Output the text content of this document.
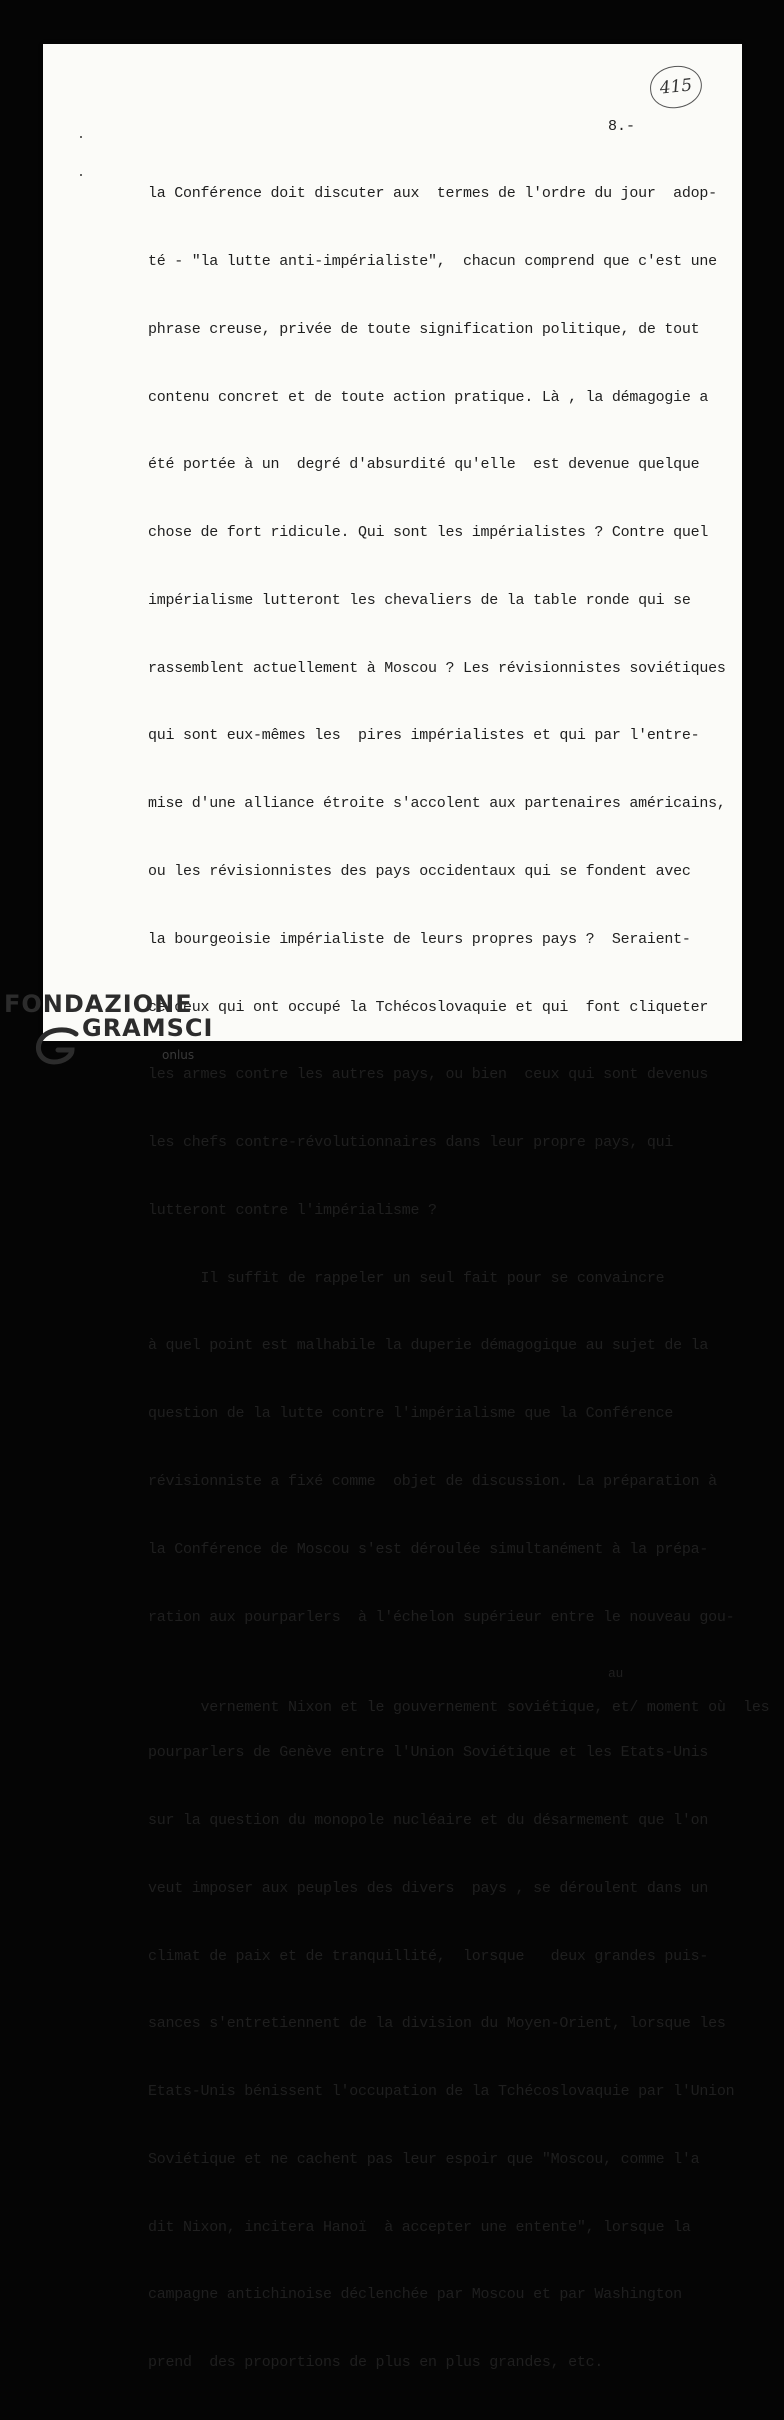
415
8.-

la Conférence doit discuter aux  termes de l'ordre du jour  adop-

té - "la lutte anti-impérialiste",  chacun comprend que c'est une

phrase creuse, privée de toute signification politique, de tout

contenu concret et de toute action pratique. Là , la démagogie a

été portée à un  degré d'absurdité qu'elle  est devenue quelque

chose de fort ridicule. Qui sont les impérialistes ? Contre quel

impérialisme lutteront les chevaliers de la table ronde qui se

rassemblent actuellement à Moscou ? Les révisionnistes soviétiques

qui sont eux-mêmes les  pires impérialistes et qui par l'entre-

mise d'une alliance étroite s'accolent aux partenaires américains,

ou les révisionnistes des pays occidentaux qui se fondent avec

la bourgeoisie impérialiste de leurs propres pays ?  Seraient-

ce ceux qui ont occupé la Tchécoslovaquie et qui  font cliqueter

les armes contre les autres pays, ou bien  ceux qui sont devenus

les chefs contre-révolutionnaires dans leur propre pays, qui

lutteront contre l'impérialisme ?

Il suffit de rappeler un seul fait pour se convaincre

à quel point est malhabile la duperie démagogique au sujet de la

question de la lutte contre l'impérialisme que la Conférence

révisionniste a fixé comme  objet de discussion. La préparation à

la Conférence de Moscou s'est déroulée simultanément à la prépa-

ration aux pourparlers  à l'échelon supérieur entre le nouveau gou-

vernement Nixon et le gouvernement soviétique, et/ moment où  les

au

pourparlers de Genève entre l'Union Soviétique et les Etats-Unis

sur la question du monopole nucléaire et du désarmement que l'on

veut imposer aux peuples des divers  pays , se déroulent dans un

climat de paix et de tranquillité,  lorsque   deux grandes puis-

sances s'entretiennent de la division du Moyen-Orient, lorsque les

Etats-Unis bénissent l'occupation de la Tchécoslovaquie par l'Union

Soviétique et ne cachent pas leur espoir que "Moscou, comme l'a

dit Nixon, incitera Hanoï  à accepter une entente", lorsque la

campagne antichinoise déclenchée par Moscou et par Washington

prend  des proportions de plus en plus grandes, etc.

FONDAZIONE
GRAMSCI
onlus
